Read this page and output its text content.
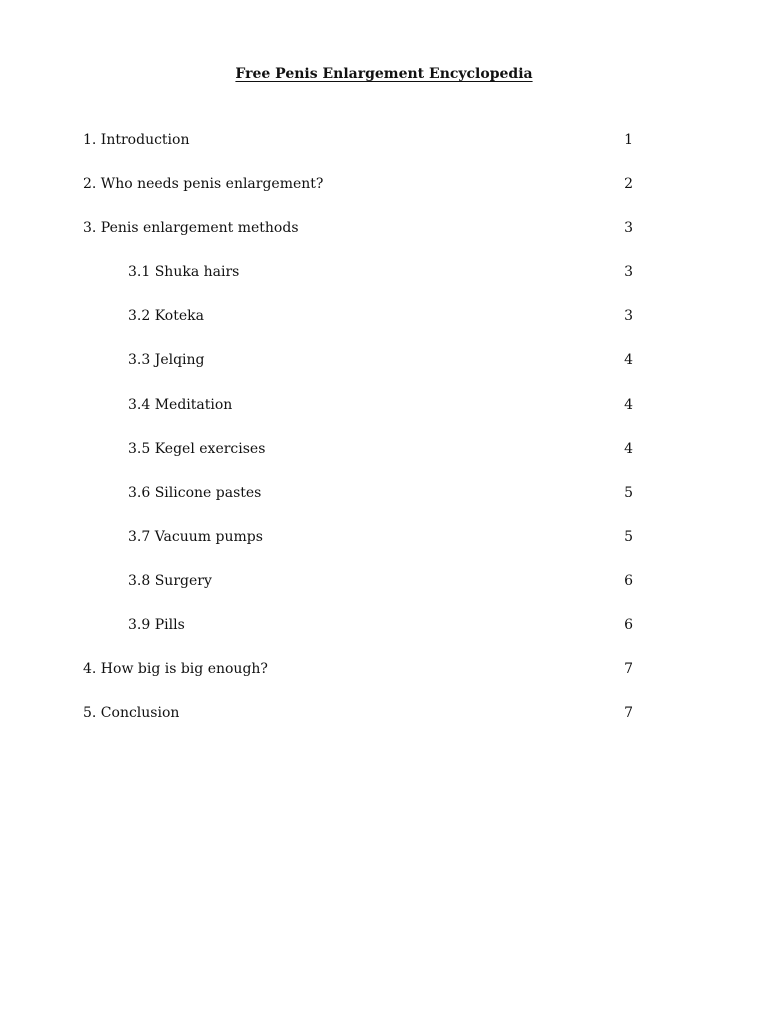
Free Penis Enlargement Encyclopedia
1. Introduction	1
2. Who needs penis enlargement?	2
3. Penis enlargement methods	3
3.1 Shuka hairs	3
3.2 Koteka	3
3.3 Jelqing	4
3.4 Meditation	4
3.5 Kegel exercises	4
3.6 Silicone pastes	5
3.7 Vacuum pumps	5
3.8 Surgery	6
3.9 Pills	6
4. How big is big enough?	7
5. Conclusion	7
